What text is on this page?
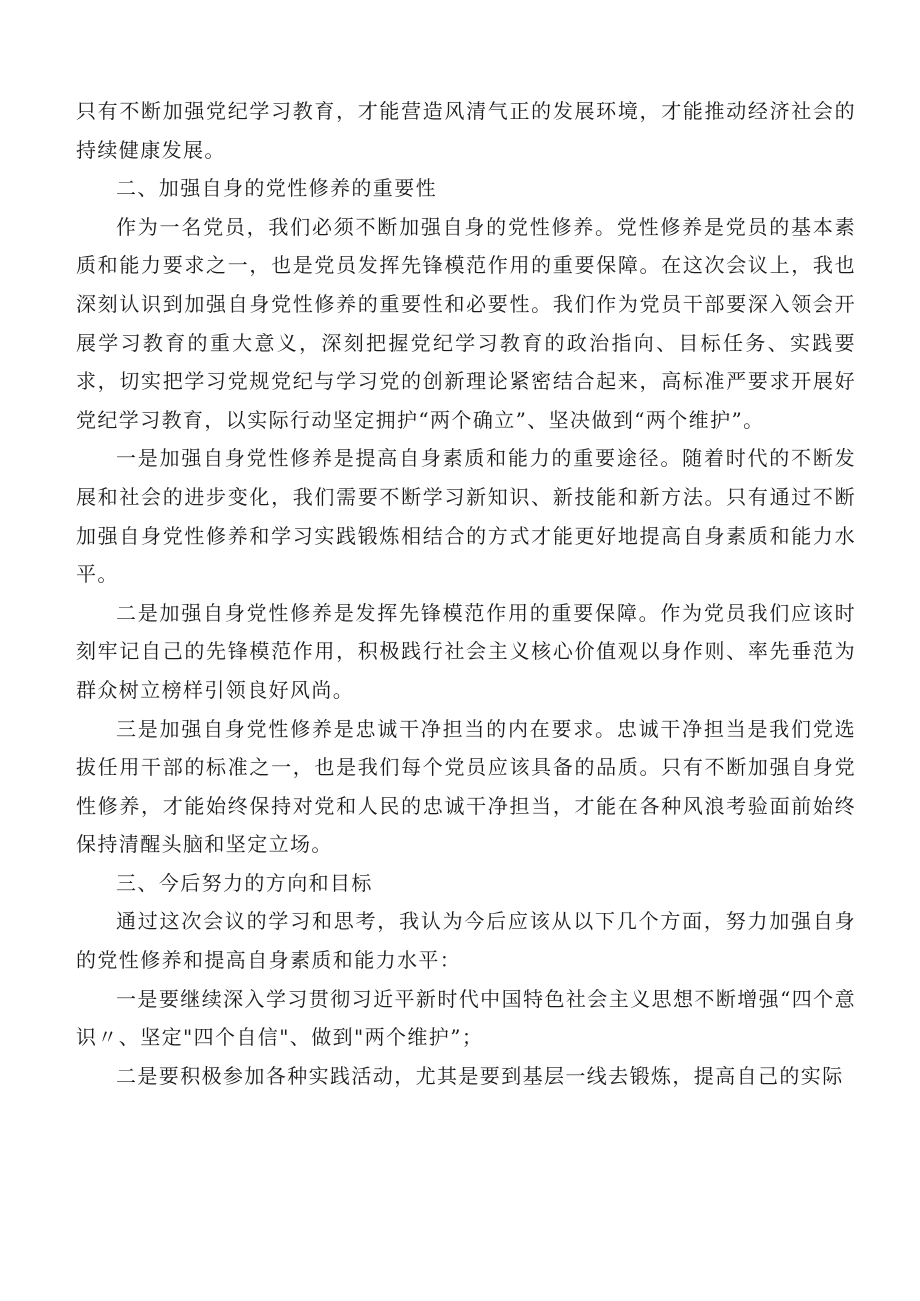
只有不断加强党纪学习教育，才能营造风清气正的发展环境，才能推动经济社会的持续健康发展。

二、加强自身的党性修养的重要性

作为一名党员，我们必须不断加强自身的党性修养。党性修养是党员的基本素质和能力要求之一，也是党员发挥先锋模范作用的重要保障。在这次会议上，我也深刻认识到加强自身党性修养的重要性和必要性。我们作为党员干部要深入领会开展学习教育的重大意义，深刻把握党纪学习教育的政治指向、目标任务、实践要求，切实把学习党规党纪与学习党的创新理论紧密结合起来，高标准严要求开展好党纪学习教育，以实际行动坚定拥护“两个确立”、坚决做到“两个维护”。

一是加强自身党性修养是提高自身素质和能力的重要途径。随着时代的不断发展和社会的进步变化，我们需要不断学习新知识、新技能和新方法。只有通过不断加强自身党性修养和学习实践锻炼相结合的方式才能更好地提高自身素质和能力水平。

二是加强自身党性修养是发挥先锋模范作用的重要保障。作为党员我们应该时刻牢记自己的先锋模范作用，积极践行社会主义核心价值观以身作则、率先垂范为群众树立榜样引领良好风尚。

三是加强自身党性修养是忠诚干净担当的内在要求。忠诚干净担当是我们党选拔任用干部的标准之一，也是我们每个党员应该具备的品质。只有不断加强自身党性修养，才能始终保持对党和人民的忠诚干净担当，才能在各种风浪考验面前始终保持清醒头脑和坚定立场。

三、今后努力的方向和目标

通过这次会议的学习和思考，我认为今后应该从以下几个方面，努力加强自身的党性修养和提高自身素质和能力水平：

一是要继续深入学习贯彻习近平新时代中国特色社会主义思想不断增强“四个意识〃、坚定"四个自信"、做到"两个维护”；

二是要积极参加各种实践活动，尤其是要到基层一线去锻炼，提高自己的实际
